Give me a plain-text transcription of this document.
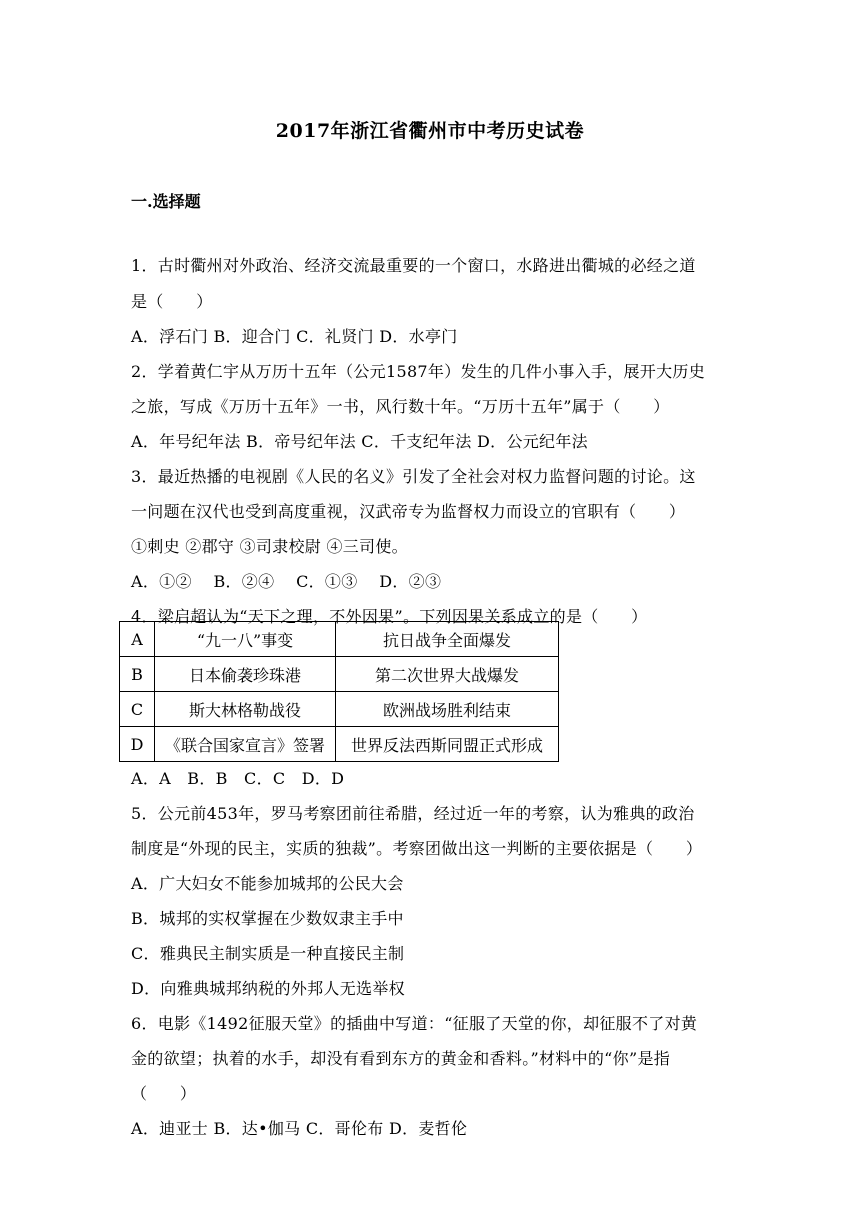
2017年浙江省衢州市中考历史试卷
一.选择题
1．古时衢州对外政治、经济交流最重要的一个窗口，水路进出衢城的必经之道
是（　　）
A．浮石门 B．迎合门 C．礼贤门 D．水亭门
2．学着黄仁宇从万历十五年（公元1587年）发生的几件小事入手，展开大历史
之旅，写成《万历十五年》一书，风行数十年。“万历十五年”属于（　　）
A．年号纪年法 B．帝号纪年法 C．千支纪年法 D．公元纪年法
3．最近热播的电视剧《人民的名义》引发了全社会对权力监督问题的讨论。这
一问题在汉代也受到高度重视，汉武帝专为监督权力而设立的官职有（　　）
①刺史 ②郡守 ③司隶校尉 ④三司使。
A．①②　 B．②④　 C．①③　 D．②③
4．梁启超认为“天下之理，不外因果”。下列因果关系成立的是（　　）
A	“九一八”事变	抗日战争全面爆发
B	日本偷袭珍珠港	第二次世界大战爆发
C	斯大林格勒战役	欧洲战场胜利结束
D	《联合国家宣言》签署	世界反法西斯同盟正式形成
A．A　B．B　C．C　D．D
5．公元前453年，罗马考察团前往希腊，经过近一年的考察，认为雅典的政治
制度是“外现的民主，实质的独裁”。考察团做出这一判断的主要依据是（　　）
A．广大妇女不能参加城邦的公民大会
B．城邦的实权掌握在少数奴隶主手中
C．雅典民主制实质是一种直接民主制
D．向雅典城邦纳税的外邦人无选举权
6．电影《1492征服天堂》的插曲中写道：“征服了天堂的你，却征服不了对黄
金的欲望；执着的水手，却没有看到东方的黄金和香料。”材料中的“你”是指
（　　）
A．迪亚士 B．达•伽马 C．哥伦布 D．麦哲伦
